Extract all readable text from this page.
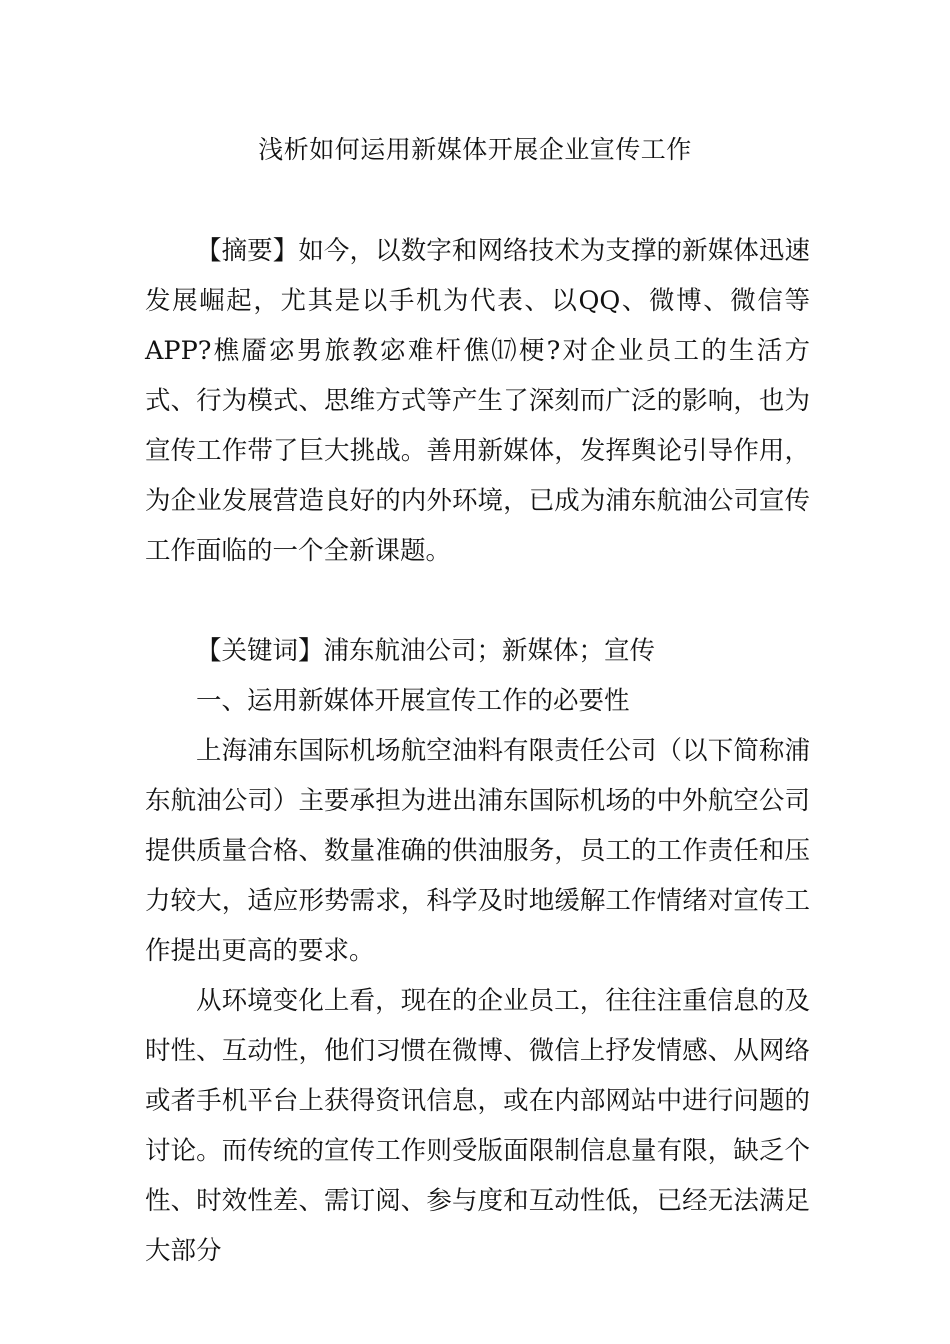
浅析如何运用新媒体开展企业宣传工作

【摘要】如今，以数字和网络技术为支撑的新媒体迅速发展崛起，尤其是以手机为代表、以QQ、微博、微信等APP?樵靥宓男旅教宓难杆僬⒄梗?对企业员工的生活方式、行为模式、思维方式等产生了深刻而广泛的影响，也为宣传工作带了巨大挑战。善用新媒体，发挥舆论引导作用，为企业发展营造良好的内外环境，已成为浦东航油公司宣传工作面临的一个全新课题。

【关键词】浦东航油公司；新媒体；宣传

一、运用新媒体开展宣传工作的必要性

上海浦东国际机场航空油料有限责任公司（以下简称浦东航油公司）主要承担为进出浦东国际机场的中外航空公司提供质量合格、数量准确的供油服务，员工的工作责任和压力较大，适应形势需求，科学及时地缓解工作情绪对宣传工作提出更高的要求。

从环境变化上看，现在的企业员工，往往注重信息的及时性、互动性，他们习惯在微博、微信上抒发情感、从网络或者手机平台上获得资讯信息，或在内部网站中进行问题的讨论。而传统的宣传工作则受版面限制信息量有限，缺乏个性、时效性差、需订阅、参与度和互动性低，已经无法满足大部分
